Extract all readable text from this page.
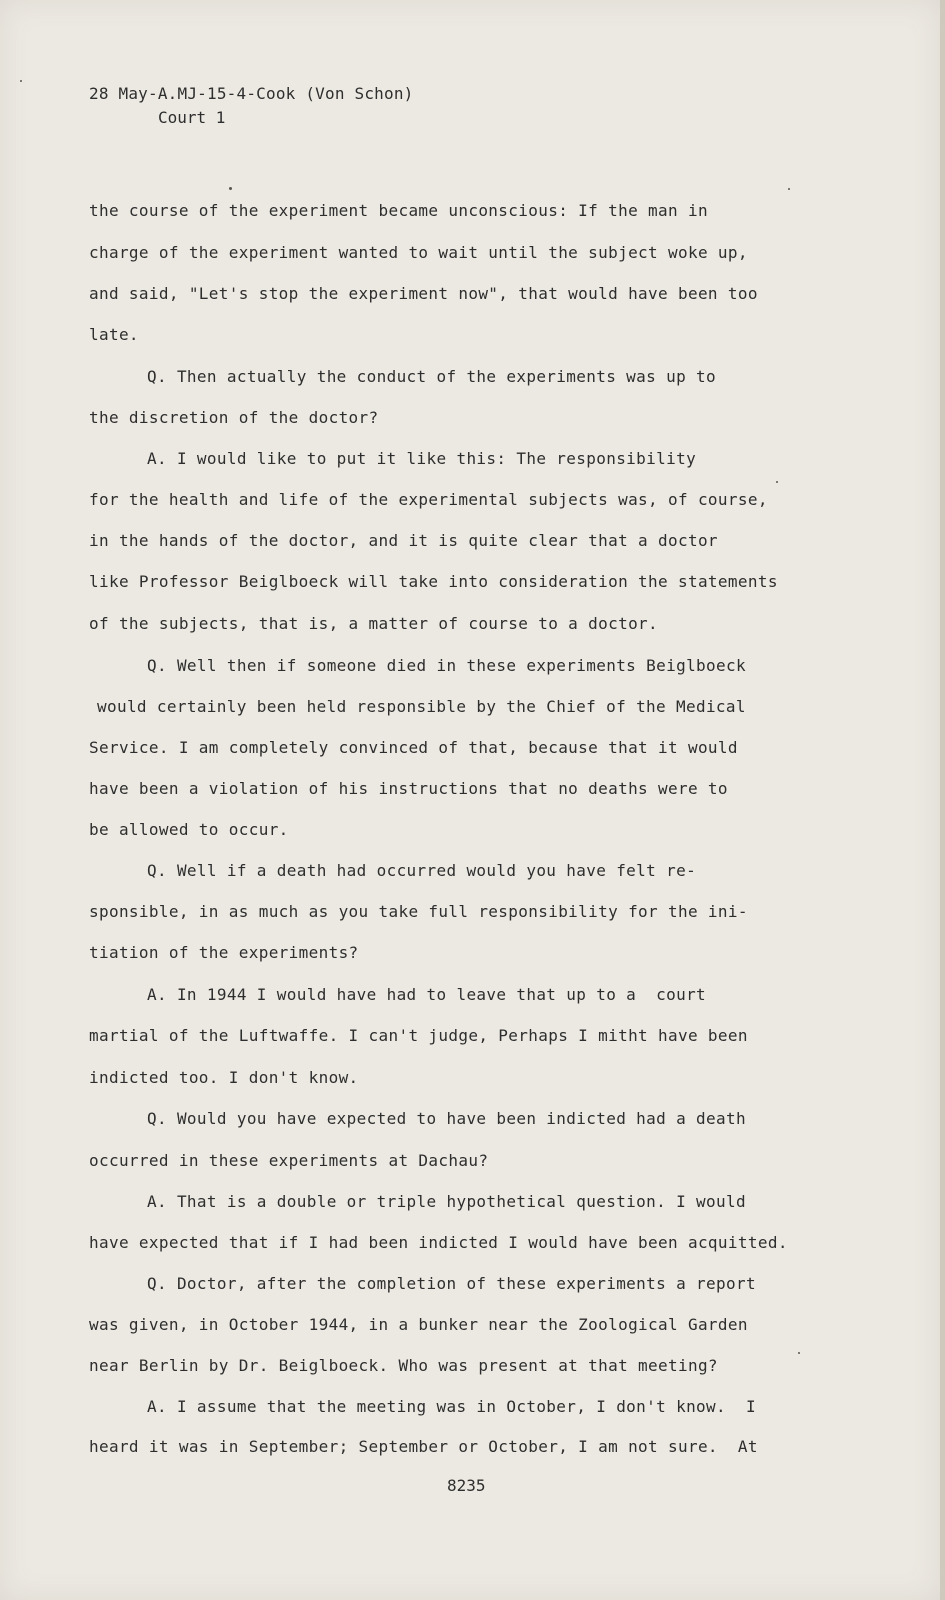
28 May-A.MJ-15-4-Cook (Von Schon)
Court 1
the course of the experiment became unconscious: If the man in
charge of the experiment wanted to wait until the subject woke up,
and said, "Let's stop the experiment now", that would have been too
late.
Q. Then actually the conduct of the experiments was up to
the discretion of the doctor?
A. I would like to put it like this: The responsibility
for the health and life of the experimental subjects was, of course,
in the hands of the doctor, and it is quite clear that a doctor
like Professor Beiglboeck will take into consideration the statements
of the subjects, that is, a matter of course to a doctor.
Q. Well then if someone died in these experiments Beiglboeck
would certainly been held responsible by the Chief of the Medical
Service. I am completely convinced of that, because that it would
have been a violation of his instructions that no deaths were to
be allowed to occur.
Q. Well if a death had occurred would you have felt re-
sponsible, in as much as you take full responsibility for the ini-
tiation of the experiments?
A. In 1944 I would have had to leave that up to a  court
martial of the Luftwaffe. I can't judge, Perhaps I mitht have been
indicted too. I don't know.
Q. Would you have expected to have been indicted had a death
occurred in these experiments at Dachau?
A. That is a double or triple hypothetical question. I would
have expected that if I had been indicted I would have been acquitted.
Q. Doctor, after the completion of these experiments a report
was given, in October 1944, in a bunker near the Zoological Garden
near Berlin by Dr. Beiglboeck. Who was present at that meeting?
A. I assume that the meeting was in October, I don't know.  I
heard it was in September; September or October, I am not sure.  At
8235
